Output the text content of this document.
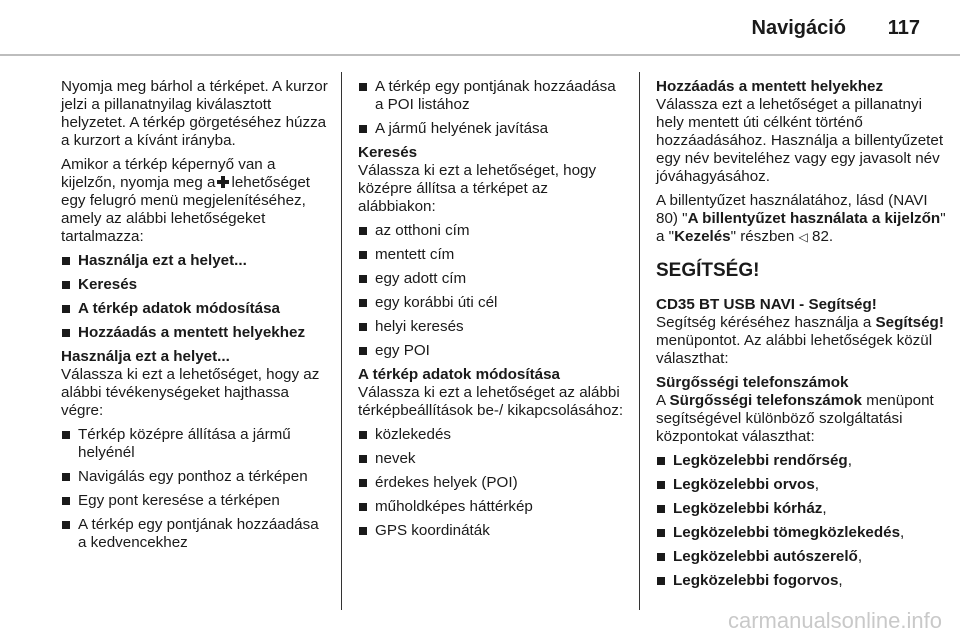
Navigáció 117

Nyomja meg bárhol a térképet. A kurzor jelzi a pillanatnyilag kiválasztott helyzetet. A térkép görgetéséhez húzza a kurzort a kívánt irányba.

Amikor a térkép képernyő van a kijelzőn, nyomja meg a lehetőséget egy felugró menü megjelenítéséhez, amely az alábbi lehetőségeket tartalmazza:

Használja ezt a helyet...
Keresés
A térkép adatok módosítása
Hozzáadás a mentett helyekhez
Használja ezt a helyet...

Válassza ki ezt a lehetőséget, hogy az alábbi tévékenységeket hajthassa végre:

Térkép középre állítása a jármű helyénél
Navigálás egy ponthoz a térképen
Egy pont keresése a térképen
A térkép egy pontjának hozzáadása a kedvencekhez
A térkép egy pontjának hozzáadása a POI listához
A jármű helyének javítása
Keresés

Válassza ki ezt a lehetőséget, hogy középre állítsa a térképet az alábbiakon:

az otthoni cím
mentett cím
egy adott cím
egy korábbi úti cél
helyi keresés
egy POI
A térkép adatok módosítása

Válassza ki ezt a lehetőséget az alábbi térképbeállítások be-/ kikapcsolásához:

közlekedés
nevek
érdekes helyek (POI)
műholdképes háttérkép
GPS koordináták
Hozzáadás a mentett helyekhez

Válassza ezt a lehetőséget a pillanatnyi hely mentett úti célként történő hozzáadásához. Használja a billentyűzetet egy név beviteléhez vagy egy javasolt név jóváhagyásához.

A billentyűzet használatához, lásd (NAVI 80) "A billentyűzet használata a kijelzőn" a "Kezelés" részben ◁ 82.

SEGÍTSÉG!
CD35 BT USB NAVI - Segítség!

Segítség kéréséhez használja a Segítség! menüpontot. Az alábbi lehetőségek közül választhat:

Sürgősségi telefonszámok

A Sürgősségi telefonszámok menüpont segítségével különböző szolgáltatási központokat választhat:

Legközelebbi rendőrség,
Legközelebbi orvos,
Legközelebbi kórház,
Legközelebbi tömegközlekedés,
Legközelebbi autószerelő,
Legközelebbi fogorvos,
carmanualsonline.info
